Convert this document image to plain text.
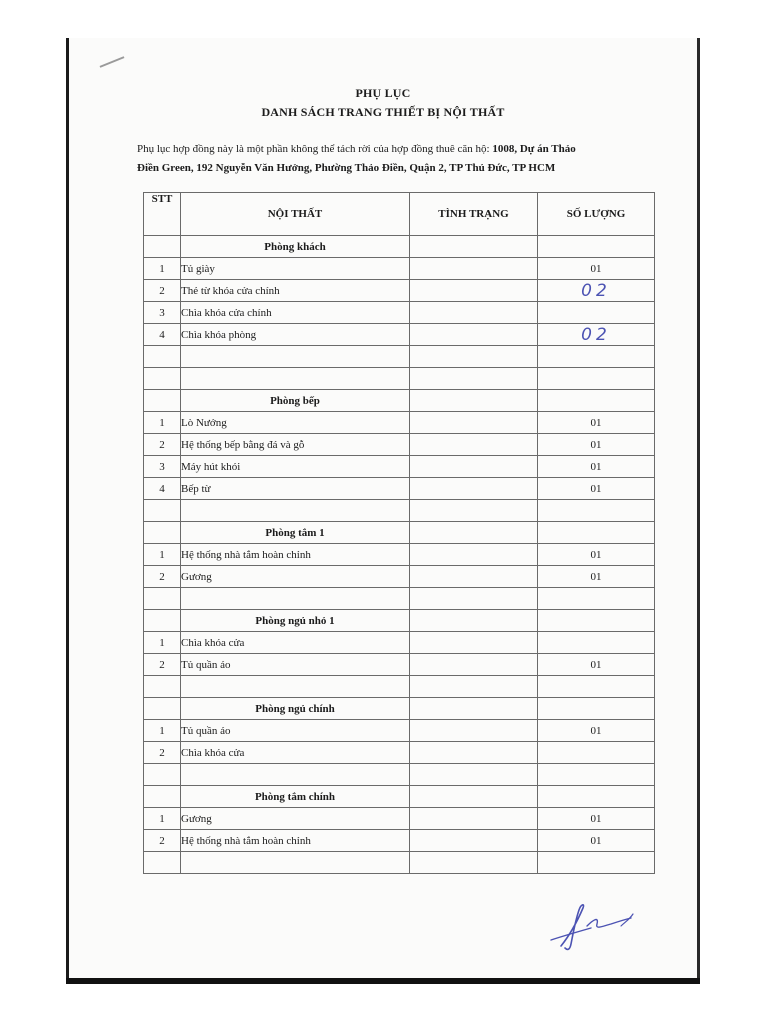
PHỤ LỤC
DANH SÁCH TRANG THIẾT BỊ NỘI THẤT
Phụ lục hợp đồng này là một phần không thể tách rời của hợp đồng thuê căn hộ: 1008, Dự án Thảo
Điền Green, 192 Nguyễn Văn Hưởng, Phường Thảo Điền, Quận 2, TP Thủ Đức, TP HCM
STT	NỘI THẤT	TÌNH TRẠNG	SỐ LƯỢNG
	Phòng khách		
1	Tủ giày		01
2	Thẻ từ khóa cửa chính		02
3	Chìa khóa cửa chính		
4	Chìa khóa phòng		02

	Phòng bếp		
1	Lò Nướng		01
2	Hệ thống bếp bằng đá và gỗ		01
3	Máy hút khói		01
4	Bếp từ		01

	Phòng tắm 1		
1	Hệ thống nhà tắm hoàn chỉnh		01
2	Gương		01

	Phòng ngủ nhỏ 1		
1	Chìa khóa cửa		
2	Tủ quần áo		01

	Phòng ngủ chính		
1	Tủ quần áo		01
2	Chìa khóa cửa		

	Phòng tắm chính		
1	Gương		01
2	Hệ thống nhà tắm hoàn chỉnh		01
